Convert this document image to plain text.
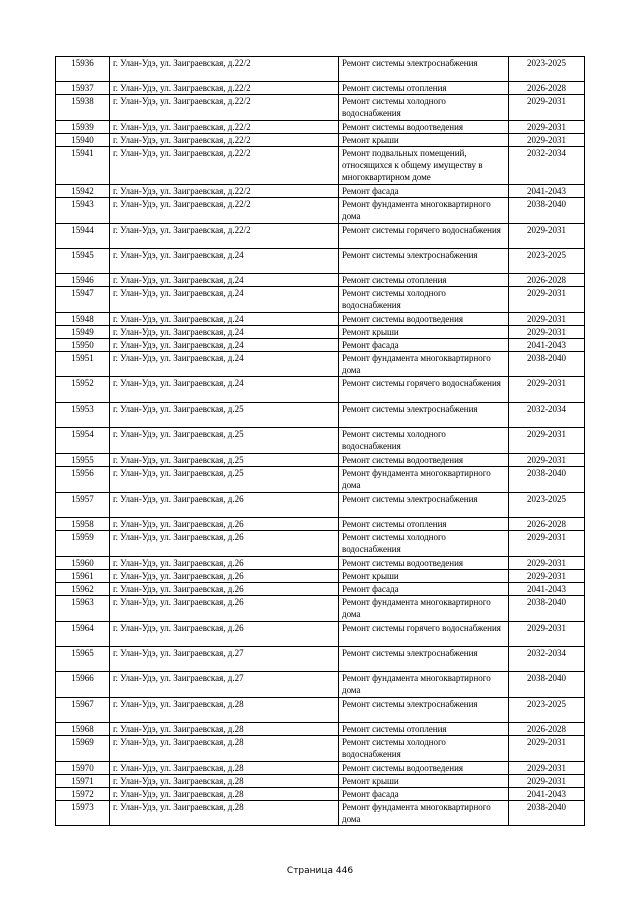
15936	г. Улан-Удэ, ул. Заиграевская, д.22/2	Ремонт системы электроснабжения	2023-2025
15937	г. Улан-Удэ, ул. Заиграевская, д.22/2	Ремонт системы отопления	2026-2028
15938	г. Улан-Удэ, ул. Заиграевская, д.22/2	Ремонт системы холодного водоснабжения	2029-2031
15939	г. Улан-Удэ, ул. Заиграевская, д.22/2	Ремонт системы водоотведения	2029-2031
15940	г. Улан-Удэ, ул. Заиграевская, д.22/2	Ремонт крыши	2029-2031
15941	г. Улан-Удэ, ул. Заиграевская, д.22/2	Ремонт подвальных помещений, относящихся к общему имуществу в многоквартирном доме	2032-2034
15942	г. Улан-Удэ, ул. Заиграевская, д.22/2	Ремонт фасада	2041-2043
15943	г. Улан-Удэ, ул. Заиграевская, д.22/2	Ремонт фундамента многоквартирного дома	2038-2040
15944	г. Улан-Удэ, ул. Заиграевская, д.22/2	Ремонт системы горячего водоснабжения	2029-2031
15945	г. Улан-Удэ, ул. Заиграевская, д.24	Ремонт системы электроснабжения	2023-2025
15946	г. Улан-Удэ, ул. Заиграевская, д.24	Ремонт системы отопления	2026-2028
15947	г. Улан-Удэ, ул. Заиграевская, д.24	Ремонт системы холодного водоснабжения	2029-2031
15948	г. Улан-Удэ, ул. Заиграевская, д.24	Ремонт системы водоотведения	2029-2031
15949	г. Улан-Удэ, ул. Заиграевская, д.24	Ремонт крыши	2029-2031
15950	г. Улан-Удэ, ул. Заиграевская, д.24	Ремонт фасада	2041-2043
15951	г. Улан-Удэ, ул. Заиграевская, д.24	Ремонт фундамента многоквартирного дома	2038-2040
15952	г. Улан-Удэ, ул. Заиграевская, д.24	Ремонт системы горячего водоснабжения	2029-2031
15953	г. Улан-Удэ, ул. Заиграевская, д.25	Ремонт системы электроснабжения	2032-2034
15954	г. Улан-Удэ, ул. Заиграевская, д.25	Ремонт системы холодного водоснабжения	2029-2031
15955	г. Улан-Удэ, ул. Заиграевская, д.25	Ремонт системы водоотведения	2029-2031
15956	г. Улан-Удэ, ул. Заиграевская, д.25	Ремонт фундамента многоквартирного дома	2038-2040
15957	г. Улан-Удэ, ул. Заиграевская, д.26	Ремонт системы электроснабжения	2023-2025
15958	г. Улан-Удэ, ул. Заиграевская, д.26	Ремонт системы отопления	2026-2028
15959	г. Улан-Удэ, ул. Заиграевская, д.26	Ремонт системы холодного водоснабжения	2029-2031
15960	г. Улан-Удэ, ул. Заиграевская, д.26	Ремонт системы водоотведения	2029-2031
15961	г. Улан-Удэ, ул. Заиграевская, д.26	Ремонт крыши	2029-2031
15962	г. Улан-Удэ, ул. Заиграевская, д.26	Ремонт фасада	2041-2043
15963	г. Улан-Удэ, ул. Заиграевская, д.26	Ремонт фундамента многоквартирного дома	2038-2040
15964	г. Улан-Удэ, ул. Заиграевская, д.26	Ремонт системы горячего водоснабжения	2029-2031
15965	г. Улан-Удэ, ул. Заиграевская, д.27	Ремонт системы электроснабжения	2032-2034
15966	г. Улан-Удэ, ул. Заиграевская, д.27	Ремонт фундамента многоквартирного дома	2038-2040
15967	г. Улан-Удэ, ул. Заиграевская, д.28	Ремонт системы электроснабжения	2023-2025
15968	г. Улан-Удэ, ул. Заиграевская, д.28	Ремонт системы отопления	2026-2028
15969	г. Улан-Удэ, ул. Заиграевская, д.28	Ремонт системы холодного водоснабжения	2029-2031
15970	г. Улан-Удэ, ул. Заиграевская, д.28	Ремонт системы водоотведения	2029-2031
15971	г. Улан-Удэ, ул. Заиграевская, д.28	Ремонт крыши	2029-2031
15972	г. Улан-Удэ, ул. Заиграевская, д.28	Ремонт фасада	2041-2043
15973	г. Улан-Удэ, ул. Заиграевская, д.28	Ремонт фундамента многоквартирного дома	2038-2040
Страница 446
